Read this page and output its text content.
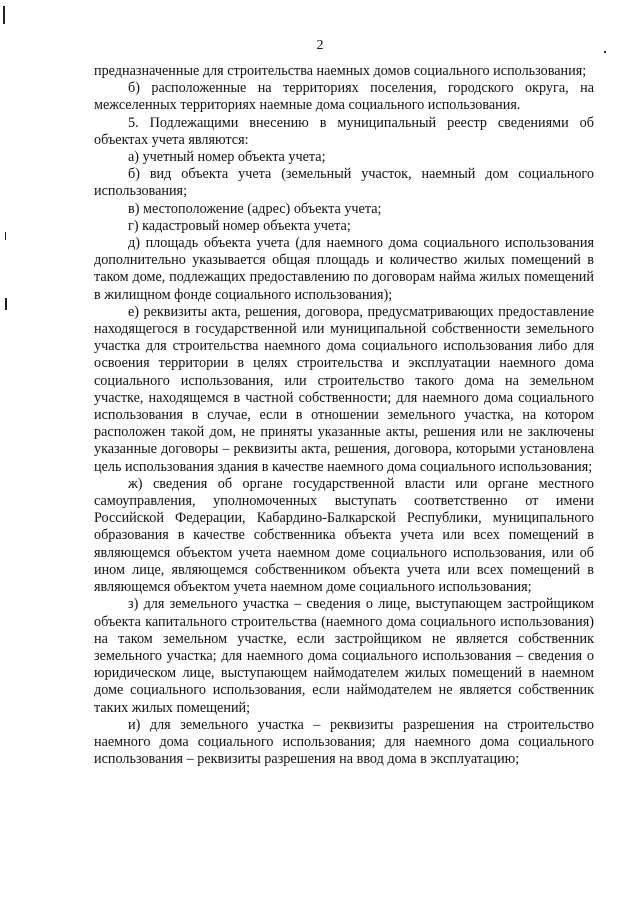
2

предназначенные для строительства наемных домов социального использования;

б) расположенные на территориях поселения, городского округа, на межселенных территориях наемные дома социального использования.

5. Подлежащими внесению в муниципальный реестр сведениями об объектах учета являются:

а) учетный номер объекта учета;

б) вид объекта учета (земельный участок, наемный дом социального использования;

в) местоположение (адрес) объекта учета;

г) кадастровый номер объекта учета;

д) площадь объекта учета (для наемного дома социального использования дополнительно указывается общая площадь и количество жилых помещений в таком доме, подлежащих предоставлению по договорам найма жилых помещений в жилищном фонде социального использования);

е) реквизиты акта, решения, договора, предусматривающих предоставление находящегося в государственной или муниципальной собственности земельного участка для строительства наемного дома социального использования либо для освоения территории в целях строительства и эксплуатации наемного дома социального использования, или строительство такого дома на земельном участке, находящемся в частной собственности; для наемного дома социального использования в случае, если в отношении земельного участка, на котором расположен такой дом, не приняты указанные акты, решения или не заключены указанные договоры – реквизиты акта, решения, договора, которыми установлена цель использования здания в качестве наемного дома социального использования;

ж) сведения об органе государственной власти или органе местного самоуправления, уполномоченных выступать соответственно от имени Российской Федерации, Кабардино-Балкарской Республики, муниципального образования в качестве собственника объекта учета или всех помещений в являющемся объектом учета наемном доме социального использования, или об ином лице, являющемся собственником объекта учета или всех помещений в являющемся объектом учета наемном доме социального использования;

з) для земельного участка – сведения о лице, выступающем застройщиком объекта капитального строительства (наемного дома социального использования) на таком земельном участке, если застройщиком не является собственник земельного участка; для наемного дома социального использования – сведения о юридическом лице, выступающем наймодателем жилых помещений в наемном доме социального использования, если наймодателем не является собственник таких жилых помещений;

и) для земельного участка – реквизиты разрешения на строительство наемного дома социального использования; для наемного дома социального использования – реквизиты разрешения на ввод дома в эксплуатацию;
